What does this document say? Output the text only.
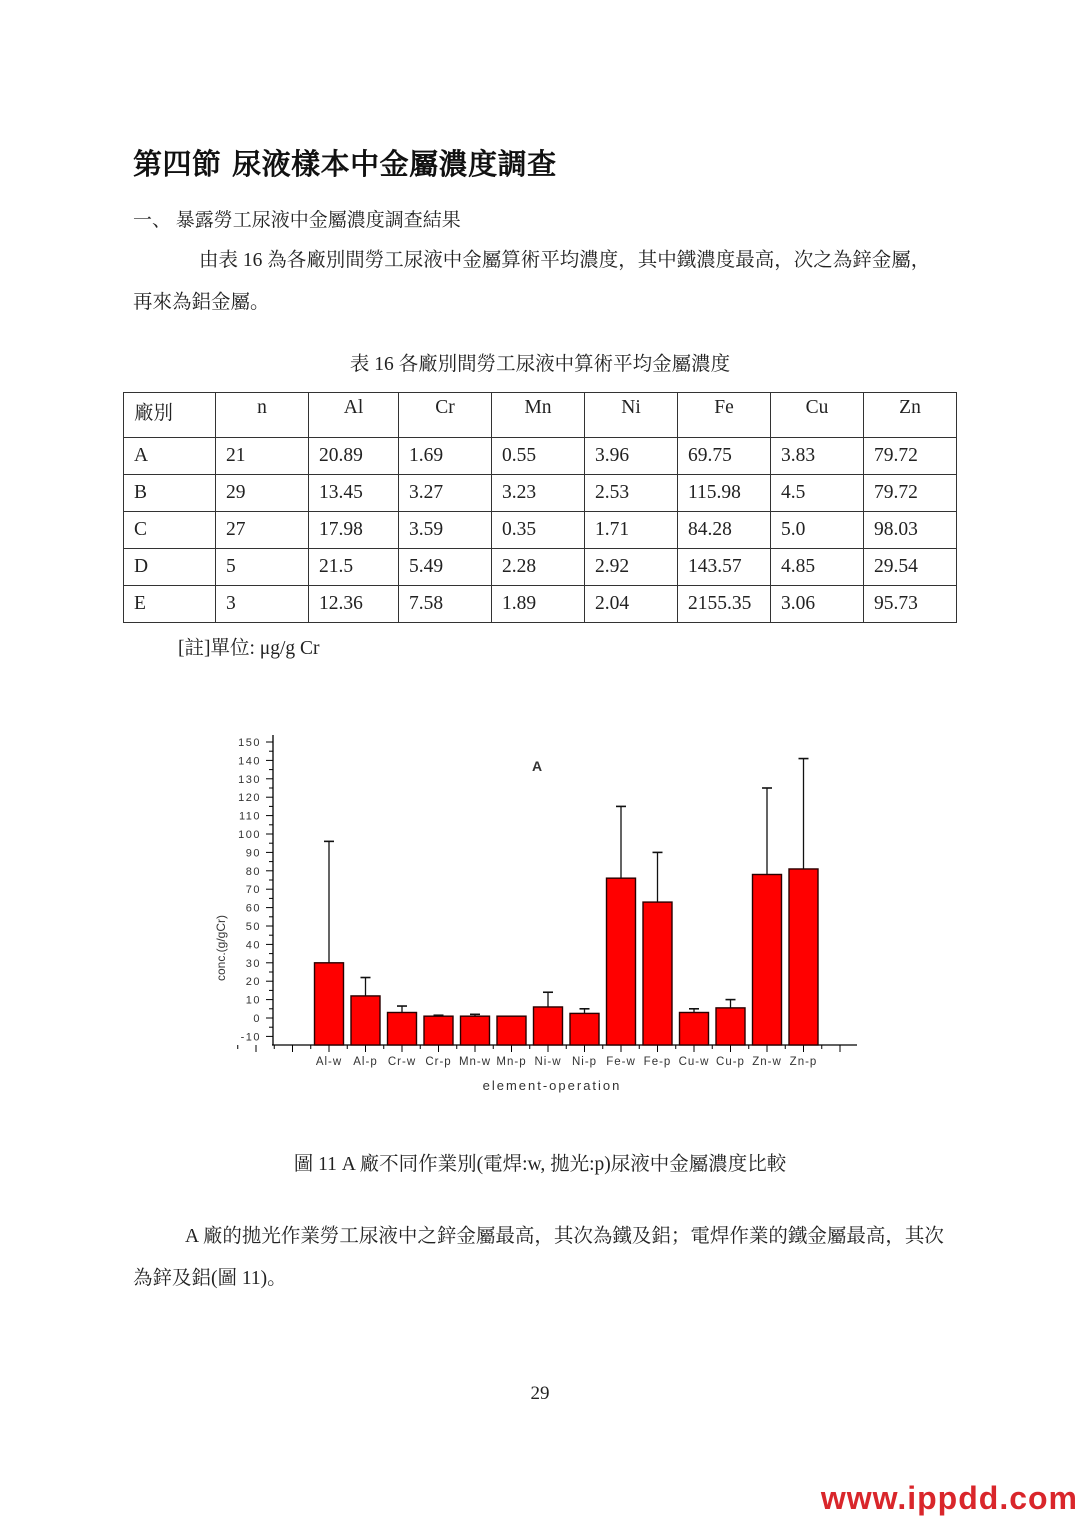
第四節 尿液樣本中金屬濃度調查
一、 暴露勞工尿液中金屬濃度調查結果
由表 16 為各廠別間勞工尿液中金屬算術平均濃度，其中鐵濃度最高，次之為鋅金屬，再來為鋁金屬。
表 16 各廠別間勞工尿液中算術平均金屬濃度
廠別	n	Al	Cr	Mn	Ni	Fe	Cu	Zn
A	21	20.89	1.69	0.55	3.96	69.75	3.83	79.72
B	29	13.45	3.27	3.23	2.53	115.98	4.5	79.72
C	27	17.98	3.59	0.35	1.71	84.28	5.0	98.03
D	5	21.5	5.49	2.28	2.92	143.57	4.85	29.54
E	3	12.36	7.58	1.89	2.04	2155.35	3.06	95.73
[註]單位: μg/g Cr
-10
0
10
20
30
40
50
60
70
80
90
100
110
120
130
140
150
conc.(g/gCr)
Al-w Al-p Cr-w Cr-p Mn-w Mn-p Ni-w Ni-p Fe-w Fe-p Cu-w Cu-p Zn-w Zn-p
element-operation
A
圖 11 A 廠不同作業別(電焊:w, 拋光:p)尿液中金屬濃度比較
A 廠的拋光作業勞工尿液中之鋅金屬最高，其次為鐵及鋁；電焊作業的鐵金屬最高，其次為鋅及鋁(圖 11)。
29
www.ippdd.com
